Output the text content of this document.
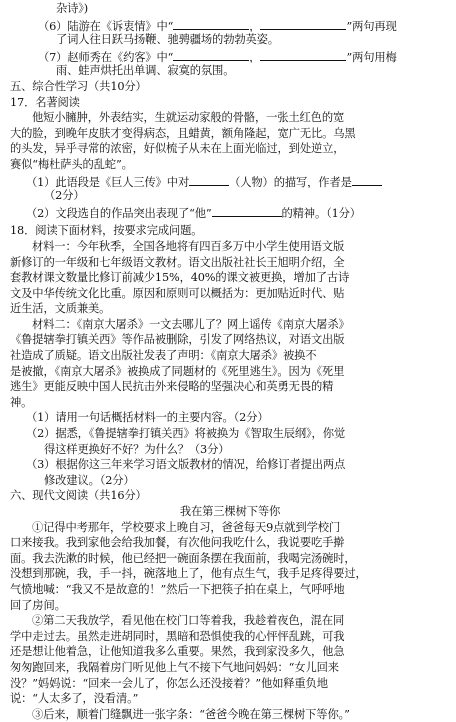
杂诗》)
（6）陆游在《诉衷情》中“	，	”两句再现
了词人往日跃马扬鞭、驰骋疆场的勃勃英姿。
（7）赵师秀在《约客》中“	，	”两句用梅
雨、蛙声烘托出单调、寂寞的氛围。
五、综合性学习（共10分）
17．名著阅读
他短小臃肿，外表结实，生就运动家般的骨骼，一张土红色的宽
大的脸，到晚年皮肤才变得病态，且蜡黄，额角隆起，宽广无比。乌黑
的头发，异乎寻常的浓密，好似梳子从未在上面光临过，到处逆立，
赛似“梅杜萨头的乱蛇”。
（1）此语段是《巨人三传》中对	（人物）的描写，作者是
（2分）
（2）文段选自的作品突出表现了“他”	的精神。（1分）
18．阅读下面材料，按要求完成问题。
材料一：今年秋季，全国各地将有四百多万中小学生使用语文版
新修订的一年级和七年级语文教材。语文出版社社长王旭明介绍，全
套教材课文数量比修订前减少15%，40%的课文被更换，增加了古诗
文及中华传统文化比重。原因和原则可以概括为：更加贴近时代、贴
近生活，文质兼美。
材料二：《南京大屠杀》一文去哪儿了？网上谣传《南京大屠杀》
《鲁提辖拳打镇关西》等作品被删除，引发了网络热议，对语文出版
社造成了质疑。语文出版社发表了声明：《南京大屠杀》被换不
是被撤，《南京大屠杀》被换成了同题材的《死里逃生》。因为《死里
逃生》更能反映中国人民抗击外来侵略的坚强决心和英勇无畏的精
神。
（1）请用一句话概括材料一的主要内容。（2分）
（2）据悉，《鲁提辖拳打镇关西》将被换为《智取生辰纲》，你觉
得这样更换好不好？为什么？（3分）
（3）根据你这三年来学习语文版教材的情况，给修订者提出两点
修改建议。（2分）
六、现代文阅读（共16分）
我在第三棵树下等你
①记得中考那年，学校要求上晚自习，爸爸每天9点就到学校门
口来接我。我到家他会给我加餐，有次他问我吃什么，我说要吃手擀
面。我去洗漱的时候，他已经把一碗面条摆在我面前，我喝完汤碗时，
没想到那碗，我，手一抖，碗落地上了，他有点生气，我手足疼得要过，
气愤地喊：“我又不是故意的！”然后一下把筷子拍在桌上，气呼呼地
回了房间。
②第二天我放学，看见他在校门口等着我，我趁着夜色，混在同
学中走过去。虽然走进胡同时，黑暗和恐惧使我的心怦怦乱跳，可我
还是想让他着急，让他知道我多么重要。果然，我到家没多久，他急
匆匆跑回来，我隔着房门听见他上气不接下气地问妈妈：“女儿回来
没？”妈妈说：“回来一会儿了，你怎么还没接着？”他如释重负地
说：“人太多了，没看清。”
③后来，顺着门缝飘进一张字条：“爸爸今晚在第三棵树下等你。”
